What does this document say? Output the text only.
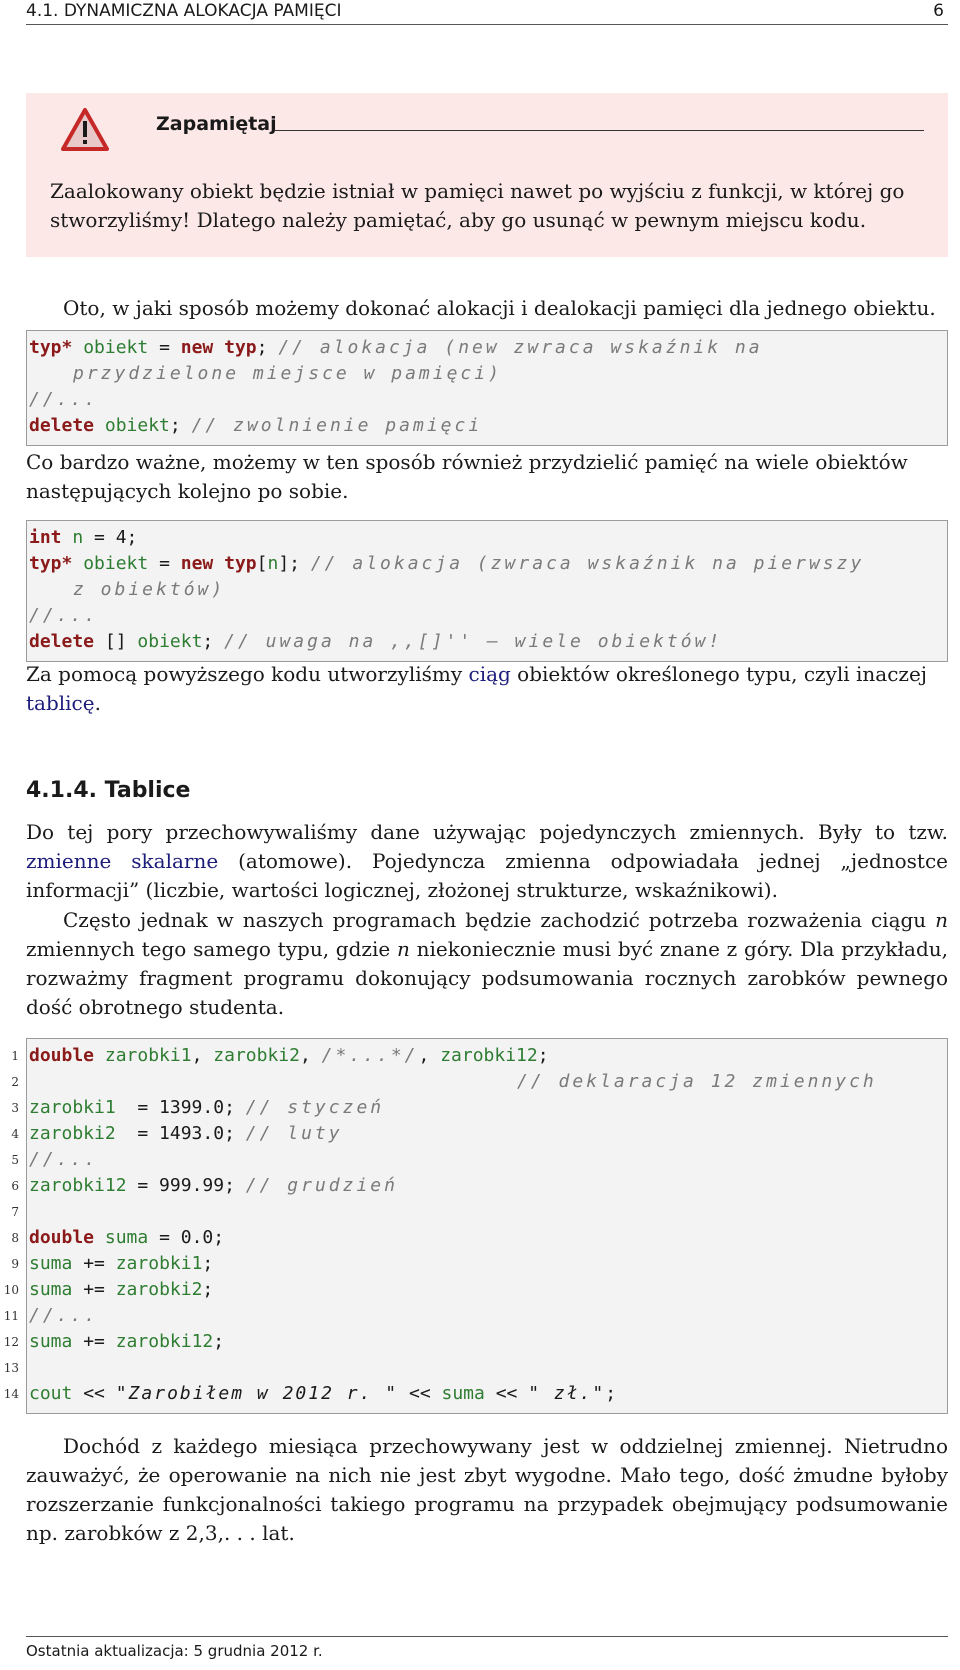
4.1. DYNAMICZNA ALOKACJA PAMIĘCI	6
Zapamiętaj
Zaalokowany obiekt będzie istniał w pamięci nawet po wyjściu z funkcji, w której go stworzyliśmy! Dlatego należy pamiętać, aby go usunąć w pewnym miejscu kodu.
Oto, w jaki sposób możemy dokonać alokacji i dealokacji pamięci dla jednego obiektu.
typ* obiekt = new typ; // alokacja (new zwraca wskaźnik na
przydzielone miejsce w pamięci)
//...
delete obiekt; // zwolnienie pamięci
Co bardzo ważne, możemy w ten sposób również przydzielić pamięć na wiele obiektów następujących kolejno po sobie.
int n = 4;
typ* obiekt = new typ[n]; // alokacja (zwraca wskaźnik na pierwszy
z obiektów)
//...
delete [] obiekt; // uwaga na ,,[]'' — wiele obiektów!
Za pomocą powyższego kodu utworzyliśmy ciąg obiektów określonego typu, czyli inaczej tablicę.
4.1.4. Tablice
Do tej pory przechowywaliśmy dane używając pojedynczych zmiennych. Były to tzw. zmienne skalarne (atomowe). Pojedyncza zmienna odpowiadała jednej „jednostce informacji” (liczbie, wartości logicznej, złożonej strukturze, wskaźnikowi).
Często jednak w naszych programach będzie zachodzić potrzeba rozważenia ciągu n zmiennych tego samego typu, gdzie n niekoniecznie musi być znane z góry. Dla przykładu, rozważmy fragment programu dokonujący podsumowania rocznych zarobków pewnego dość obrotnego studenta.
1 double zarobki1, zarobki2, /*...*/, zarobki12;
2	// deklaracja 12 zmiennych
3 zarobki1  = 1399.0; // styczeń
4 zarobki2  = 1493.0; // luty
5 //...
6 zarobki12 = 999.99; // grudzień
7
8 double suma = 0.0;
9 suma += zarobki1;
10 suma += zarobki2;
11 //...
12 suma += zarobki12;
13
14 cout << "Zarobiłem w 2012 r. " << suma << " zł.";
Dochód z każdego miesiąca przechowywany jest w oddzielnej zmiennej. Nietrudno zauważyć, że operowanie na nich nie jest zbyt wygodne. Mało tego, dość żmudne byłoby rozszerzanie funkcjonalności takiego programu na przypadek obejmujący podsumowanie np. zarobków z 2,3,. . . lat.
Ostatnia aktualizacja: 5 grudnia 2012 r.
